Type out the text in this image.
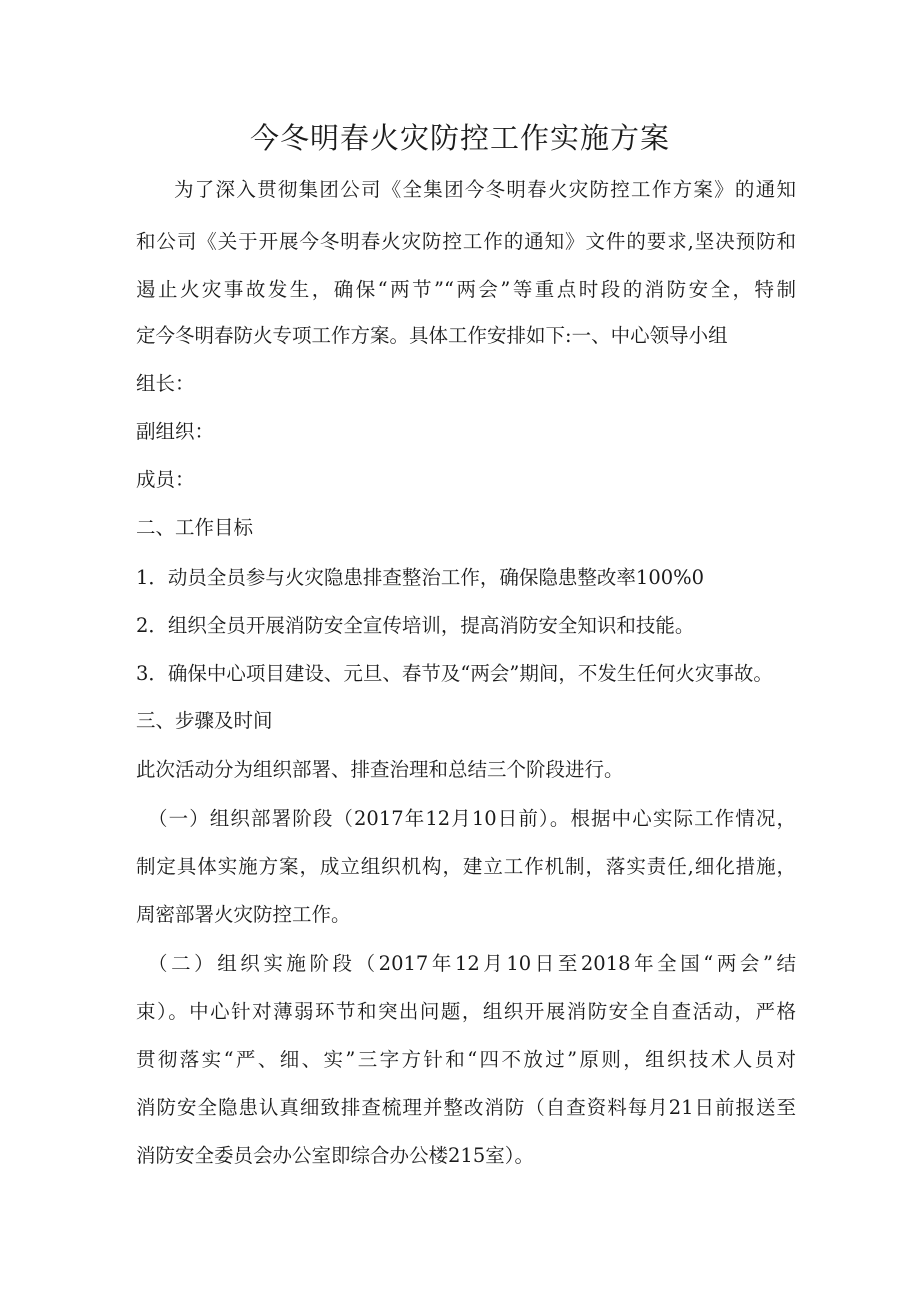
今冬明春火灾防控工作实施方案
为了深入贯彻集团公司《全集团今冬明春火灾防控工作方案》的通知
和公司《关于开展今冬明春火灾防控工作的通知》文件的要求,坚决预防和
遏止火灾事故发生，确保“两节”“两会”等重点时段的消防安全，特制
定今冬明春防火专项工作方案。具体工作安排如下:一、中心领导小组
组长：
副组织：
成员：
二、工作目标
1．动员全员参与火灾隐患排查整治工作，确保隐患整改率100%0
2．组织全员开展消防安全宣传培训，提高消防安全知识和技能。
3．确保中心项目建设、元旦、春节及“两会”期间，不发生任何火灾事故。
三、步骤及时间
此次活动分为组织部署、排查治理和总结三个阶段进行。
（一）组织部署阶段（2017年12月10日前）。根据中心实际工作情况，
制定具体实施方案，成立组织机构，建立工作机制，落实责任,细化措施，
周密部署火灾防控工作。
（二）组织实施阶段（2017年12月10日至2018年全国“两会”结
束）。中心针对薄弱环节和突出问题，组织开展消防安全自查活动，严格
贯彻落实“严、细、实”三字方针和“四不放过”原则，组织技术人员对
消防安全隐患认真细致排查梳理并整改消防（自查资料每月21日前报送至
消防安全委员会办公室即综合办公楼215室）。
